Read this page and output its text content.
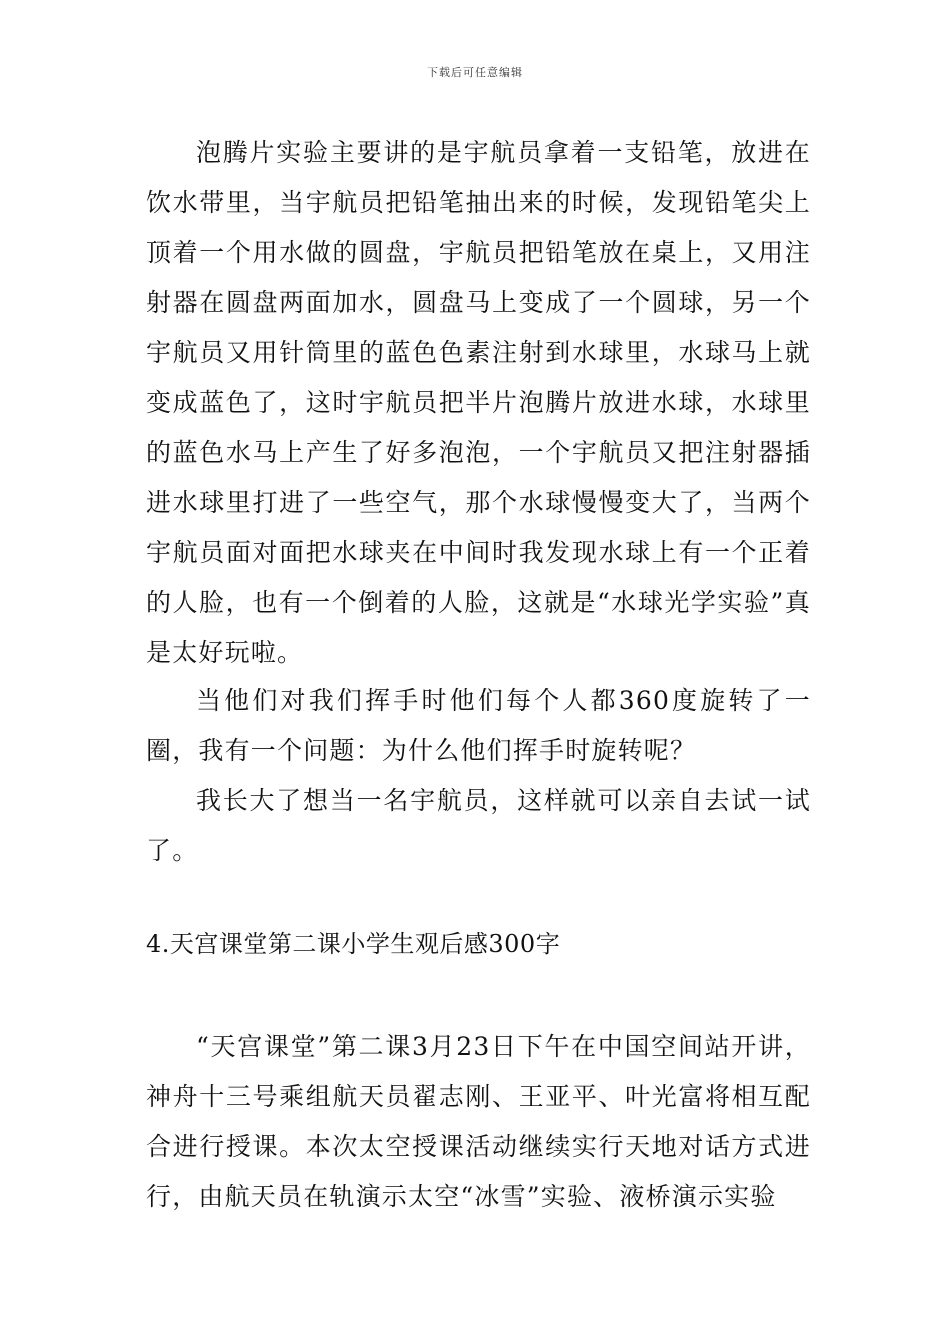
下载后可任意编辑

泡腾片实验主要讲的是宇航员拿着一支铅笔，放进在饮水带里，当宇航员把铅笔抽出来的时候，发现铅笔尖上顶着一个用水做的圆盘，宇航员把铅笔放在桌上，又用注射器在圆盘两面加水，圆盘马上变成了一个圆球，另一个宇航员又用针筒里的蓝色色素注射到水球里，水球马上就变成蓝色了，这时宇航员把半片泡腾片放进水球，水球里的蓝色水马上产生了好多泡泡，一个宇航员又把注射器插进水球里打进了一些空气，那个水球慢慢变大了，当两个宇航员面对面把水球夹在中间时我发现水球上有一个正着的人脸，也有一个倒着的人脸，这就是“水球光学实验”真是太好玩啦。

当他们对我们挥手时他们每个人都360度旋转了一圈，我有一个问题：为什么他们挥手时旋转呢？

我长大了想当一名宇航员，这样就可以亲自去试一试了。

4.天宫课堂第二课小学生观后感300字

“天宫课堂”第二课3月23日下午在中国空间站开讲，神舟十三号乘组航天员翟志刚、王亚平、叶光富将相互配合进行授课。本次太空授课活动继续实行天地对话方式进行，由航天员在轨演示太空“冰雪”实验、液桥演示实验
